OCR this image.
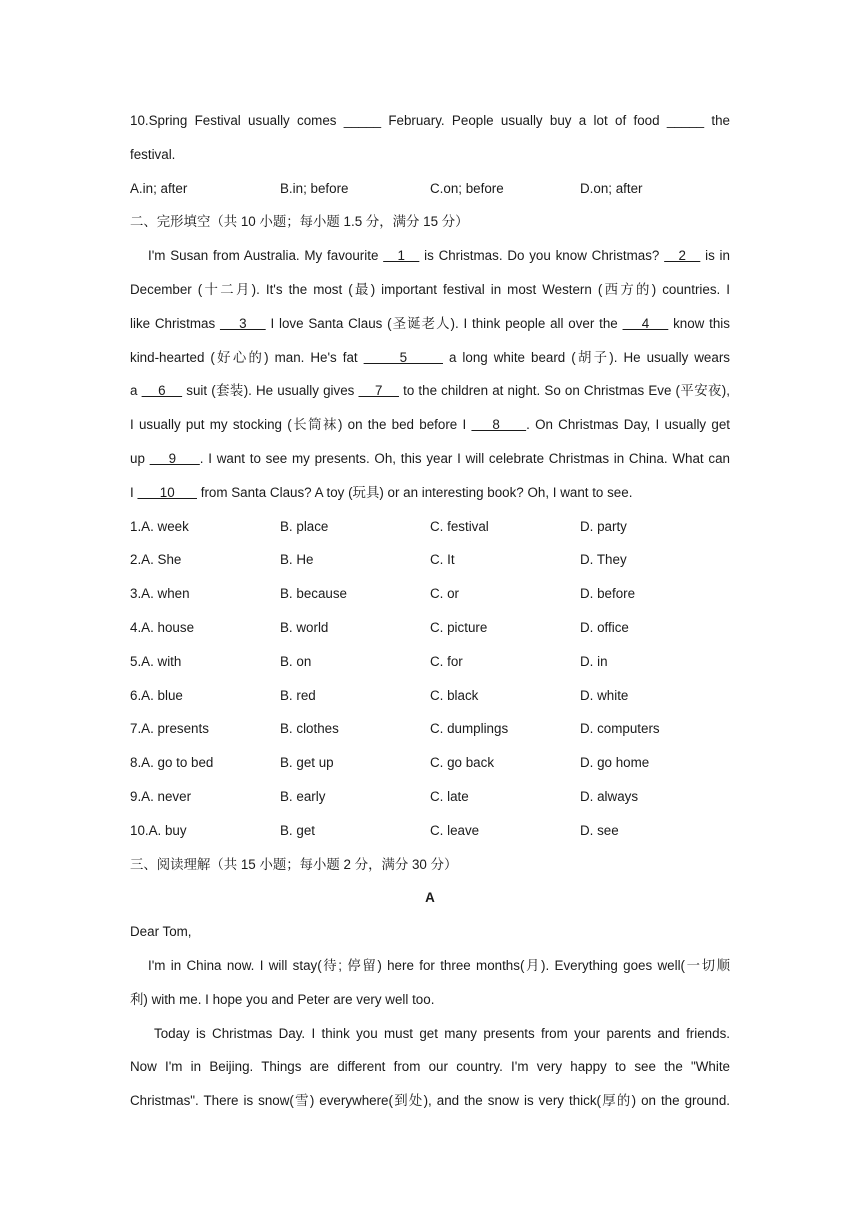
10.Spring Festival usually comes _____ February. People usually buy a lot of food _____ the
festival.
A.in; after	B.in; before	C.on; before	D.on; after
二、完形填空（共 10 小题；每小题 1.5 分，满分 15 分）
I'm Susan from Australia. My favourite    1    is Christmas. Do you know Christmas?    2    is in
December (十二月). It's the most (最) important festival in most Western (西方的) countries. I
like Christmas     3     I love Santa Claus (圣诞老人). I think people all over the     4     know this
kind-hearted (好心的) man. He's fat       5       a long white beard (胡子). He usually wears
a     6     suit (套装). He usually gives     7     to the children at night. So on Christmas Eve (平安夜),
I usually put my stocking (长筒袜) on the bed before I     8     . On Christmas Day, I usually get
up     9     . I want to see my presents. Oh, this year I will celebrate Christmas in China. What can
I       10       from Santa Claus? A toy (玩具) or an interesting book? Oh, I want to see.
1.A. week	B. place	C. festival	D. party
2.A. She	B. He	C. It	D. They
3.A. when	B. because	C. or	D. before
4.A. house	B. world	C. picture	D. office
5.A. with	B. on	C. for	D. in
6.A. blue	B. red	C. black	D. white
7.A. presents	B. clothes	C. dumplings	D. computers
8.A. go to bed	B. get up	C. go back	D. go home
9.A. never	B. early	C. late	D. always
10.A. buy	B. get	C. leave	D. see
三、阅读理解（共 15 小题；每小题 2 分，满分 30 分）
A
Dear Tom,
I'm in China now. I will stay(待; 停留) here for three months(月). Everything goes well(一切顺
利) with me. I hope you and Peter are very well too.
Today is Christmas Day. I think you must get many presents from your parents and friends.
Now I'm in Beijing. Things are different from our country. I'm very happy to see the "White
Christmas". There is snow(雪) everywhere(到处), and the snow is very thick(厚的) on the ground.
